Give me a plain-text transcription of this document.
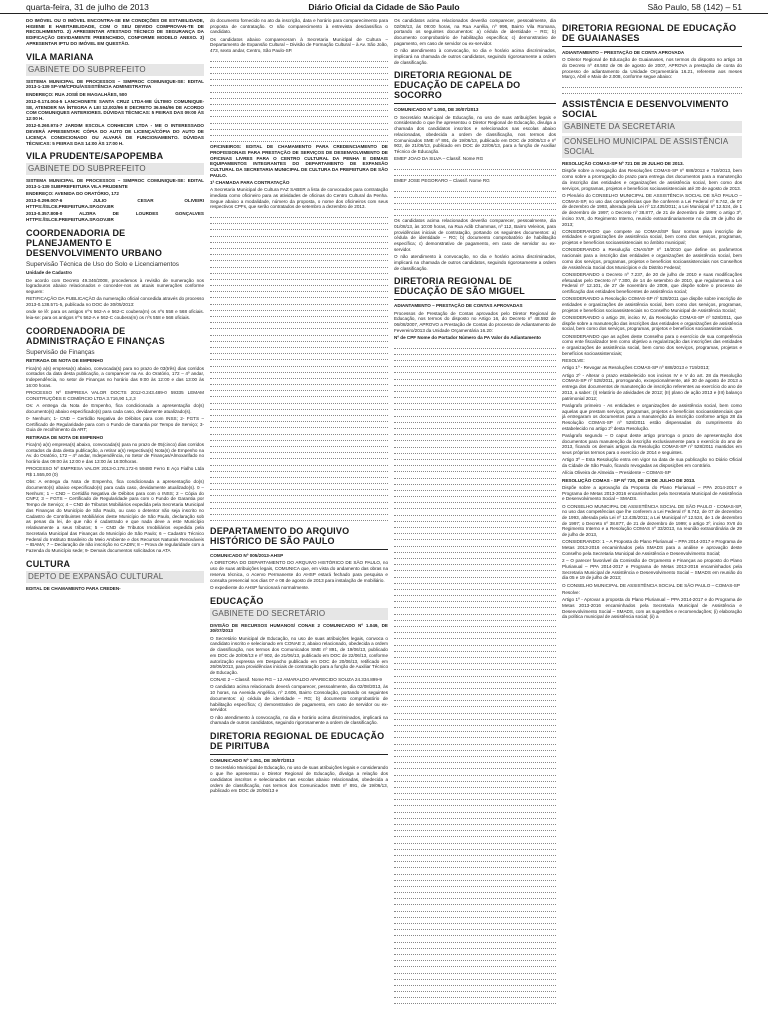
quarta-feira, 31 de julho de 2013	Diário Oficial da Cidade de São Paulo	São Paulo, 58 (142) – 51

DO IMÓVEL OU O IMÓVEL ENCONTRA-SE EM CONDIÇÕES DE ESTABILIDADE, HIGIENE E HABITABILIDADE, COM O SEU DEVIDO COMPROVAN-TE DE RECOLHIMENTO. 2) APRESENTAR ATESTADO TÉCNICO DE SEGURANÇA DA EDIFICAÇÃO DEVIDAMENTE PREENCHIDO, CONFORME MODELO ANEXO. 3) APRESENTAR IPTU DO IMÓVEL EM QUESTÃO.

VILA MARIANA
GABINETE DO SUBPREFEITO

SISTEMA MUNICIPAL DE PROCESSOS – SIMPROC COMUNIQUE-SE: EDITAL 2013-1-139 SP-VM/CPDU/ASSISTÊNCIA ADMINISTRATIVA

ENDEREÇO: RUA JOSÉ DE MAGALHÃES, 500

2012-0.174.004-5 LANCHONETE SANTA CRUZ LTDA-ME ÚLTIMO COMUNIQUE-SE, ATENDER NA ÍNTEGRA A LEI 12.002/96 E DECRETO 36.594/96 DE ACORDO COM COMUNIQUES ANTERIORES. DÚVIDAS TÉCNICAS: 5 FEIRAS DAS 09:00 ÀS 12:00 H.

2012-0.260.974-7 JARDIM ESCOLA CONHECER LTDA - ME O INTERESSADO DEVERÁ APRESENTAR: CÓPIA DO AUTO DE LICENÇA/CÓPIA DO AUTO DE LICENÇA CONDICIONADO OU ALVARÁ DE FUNCIONAMENTO. DÚVIDAS TÉCNICAS: 5 FEIRAS DAS 14:00 ÀS 17:00 H.

VILA PRUDENTE/SAPOPEMBA
GABINETE DO SUBPREFEITO

SISTEMA MUNICIPAL DE PROCESSOS – SIMPROC COMUNIQUE-SE: EDITAL 2013-1-139 SUBPREFEITURA VILA PRUDENTE

ENDEREÇO: AVENIDA DO ORATÓRIO, 172

2013-0.299.007-6 JULIO CESAR OLIVEIRI HTTPS://SLCE.PREFEITURA.SP.GOV.BR

2013-0.357.808-0 ALZIRA DE LOURDES GONÇALVES HTTPS://SLCE.PREFEITURA.SP.GOV.BR

COORDENADORIA DE PLANEJAMENTO E DESENVOLVIMENTO URBANO
Supervisão Técnica de Uso do Solo e Licenciamentos

Unidade de Cadastro

De acordo com Decreto 49.346/2008, procedemos à revisão de numeração nos logradouros abaixo relacionados e conceder-nos as atuais numerações conforme seguem:

RETIFICAÇÃO DA PUBLICAÇÃO da numeração oficial concedida através do processo 2013-0.138.571-5, publicada no DOC de 30/05/2013:

onde se lê: para os antigos nº's 562-A e 562-C coubera(m) os nºs 558 e 568 oficiais. leia-se: para os antigos nº's 562-A e 562-C coubera(m) os nºs 558 e 568 oficiais.

COORDENADORIA DE ADMINISTRAÇÃO E FINANÇAS
Supervisão de Finanças

RETIRADA DE NOTA DE EMPENHO

Fica(m) a(s) empresa(s) abaixo, convocada(s) para no prazo de 03(três) dias corridos contados da data desta publicação, a comparecer na Av. do Oratório, 172 – 4º andar, Independência, no setor de Finanças no horário das 9:00 às 12:00 e das 13:00 às 16:00 horas.

PROCESSO Nº EMPRESA VALOR DOCTS 2012-0.243.489-0 59335 LEMAM CONSTRUÇÕES E COMÉRCIO LTDA 3.716,90 1,2,3

Os: A entrega da Nota de Empenho, fica condicionada a apresentação do(s) documento(s) abaixo especificado(s) para cada caso, devidamente atualizado(s).

0- Nenhum; 1- CND – Certidão Negativa de Débitos para com INSS; 2- FGTS – Certificado de Regularidade para com o Fundo de Garantia por Tempo de Serviço; 3- Guia de recolhimento da ART;

RETIRADA DE NOTA DE EMPENHO

Fica(m) a(s) empresa(s) abaixo, convocada(s) para no prazo de 05(cinco) dias corridos contados da data desta publicação, a retirar a(s) respectiva(s) Nota(s) de Empenho na Av. do Oratório, 172 – 4º andar, Independência, no Setor de Finanças/Almoxarifado no horário das 09:00 às 12:00 e das 13:00 às 16:00horas.

PROCESSO Nº EMPRESA VALOR 2013-0.178.172-6 59480 Ferro E Aço Fialho Ltda R$ 1.555,00 (0)

Obs: A entrega da Nota de Empenho, fica condicionada a apresentação do(s) documento(s) abaixo especificado(s) para cada caso, devidamente atualizado(s). 0 – Nenhum; 1 – CND – Certidão Negativa de Débitos para com o INSS; 2 – Cópia do CNPJ; 3 – FGTS – Certificado de Regularidade para com o Fundo de Garantia por Tempo de Serviço; 4 – CND de Tributos Mobiliários expedida pela Secretaria Municipal das Finanças do Município de São Paulo, ou caso o detentor não seja inscrito no Cadastro de Contribuintes Mobiliários deste Município de São Paulo, declaração sob as penas da lei, de que não é cadastrado e que nada deve a este Município relativamente a seus tributos; 5 – CND de Tributos Imobiliários expedida pela Secretaria Municipal das Finanças do Município de São Paulo; 6 – Cadastro Técnico Federal do Instituto Brasileiro do Meio Ambiente e dos Recursos Naturais Renováveis – IBAMA; 7 – Declaração de não inscrição no CADIN; 8 – Prova de regularidade com a Fazenda do Município sede; 9- Demais documentos solicitados na ATA

CULTURA
DEPTO DE EXPANSÃO CULTURAL

EDITAL DE CHAMAMENTO PARA CREDEN-

do documento fornecido no ato da inscrição, data e horário para comparecimento para proposta de contratação. O não comparecimento à entrevista desclassifica o candidato.

Os candidatos abaixo compareceram à Secretaria Municipal de Cultura – Departamento de Expansão Cultural – Divisão de Formação Cultural – à Av. São João, 473, sexto andar, Centro, São Paulo-SP.

OFICINEIROS: EDITAL DE CHAMAMENTO PARA CREDENCIAMENTO DE PROFISSIONAIS PARA PRESTAÇÃO DE SERVIÇOS DE DESENVOLVIMENTO DE OFICINAS LIVRES PARA O CENTRO CULTURAL DA PENHA E DEMAIS EQUIPAMENTOS INTEGRANTES DO DEPARTAMENTO DE EXPANSÃO CULTURAL DA SECRETARIA MUNICIPAL DE CULTURA DA PREFEITURA DE SÃO PAULO.

1ª CHAMADA PARA CONTRATAÇÃO

A Secretaria Municipal de Cultura FAZ SABER a lista de convocados para contratação imediata como oficineiro para as atividades de oficinas do Centro Cultural da Penha. Segue abaixo a modalidade, número da proposta, o nome dos oficineiros com seus respectivos CPFs, que serão contratados de setembro a dezembro de 2013.

DEPARTAMENTO DO ARQUIVO HISTÓRICO DE SÃO PAULO

COMUNICADO Nº 005/2013-AHSP

A DIRETORA DO DEPARTAMENTO DO ARQUIVO HISTÓRICO DE SÃO PAULO, no uso de suas atribuições legais, COMUNICA que, em vista do andamento das obras na reserva técnica, o Acervo Permanente do AHSP estará fechado para pesquisa e consulta presencial nos dias 07 e 08 de agosto de 2013 para instalação de mobiliário.

O expediente do AHSP funcionará normalmente.

EDUCAÇÃO
GABINETE DO SECRETÁRIO

DIVISÃO DE RECURSOS HUMANOS/ CONAE 2 COMUNICADO Nº 1.049, DE 30/07/2013

O Secretário Municipal de Educação, no uso de suas atribuições legais, convoca o candidato inscrito e selecionado em CONAE 2, abaixo relacionado, obedecida a ordem de classificação, nos termos dos Comunicados SME nº 891, de 19/06/13, publicado em DOC de 20/06/13 e nº 902, de 21/06/13, publicado em DOC de 22/06/13, conforme autorização expressa em Despacho publicado em DOC de 20/06/13, retificado em 26/06/2013, para providências iniciais de contratação para a função de Auxiliar Técnico de Educação.

CONAE 2 – Classif. Nome RG – 12 AMARALDO APARECIDO SOUZA 24.334.899-9

O candidato acima relacionado deverá comparecer, pessoalmente, dia 02/08/2013, às 10 horas, na Avenida Angélica, nº 2.606, Bairro Consolação, portando os seguintes documentos: a) cédula de identidade – RG; b) documento comprobatório de habilitação específica; c) demonstrativo de pagamento, em caso de servidor ou ex-servidor.

O não atendimento à convocação, no dia e horário acima discriminados, implicará na chamada de outros candidatos, seguindo rigorosamente a ordem de classificação.

DIRETORIA REGIONAL DE EDUCAÇÃO DE PIRITUBA

COMUNICADO Nº 1.051, DE 30/07/2013

O Secretário Municipal de Educação, no uso de suas atribuições legais e considerando o que lhe apresentou o Diretor Regional de Educação, divulga a relação dos candidatos inscritos e selecionados nas escolas abaixo relacionadas, obedecida a ordem de classificação, nos termos dos Comunicados SME nº 891, de 19/06/13, publicado em DOC de 20/06/13 e

Os candidatos acima relacionados deverão comparecer, pessoalmente, dia 02/08/13, às 09:00 horas, na Rua Aurélia, nº 996, Bairro Vila Romana, portando os seguintes documentos: a) cédula de identidade – RG; b) documento comprobatório de habilitação específica; c) demonstrativo de pagamento, em caso de servidor ou ex-servidor.

O não atendimento à convocação, no dia e horário acima discriminados, implicará na chamada de outros candidatos, seguindo rigorosamente a ordem de classificação.

DIRETORIA REGIONAL DE EDUCAÇÃO DE CAPELA DO SOCORRO

COMUNICADO Nº 1.050, DE 30/07/2013

O Secretário Municipal de Educação, no uso de suas atribuições legais e considerando o que lhe apresentou o Diretor Regional de Educação, divulga a chamada dos candidatos inscritos e selecionados nas escolas abaixo relacionadas, obedecida a ordem de classificação, nos termos dos Comunicados SME nº 891, de 19/06/13, publicado em DOC de 20/06/13 e nº 902, de 21/06/13, publicado em DOC de 22/06/13, para a função de Auxiliar Técnico de Educação.

EMEF JOAO DA SILVA – Classif. Nome RG

EMEF JOSE PEGORARO – Classif. Nome RG

Os candidatos acima relacionados deverão comparecer, pessoalmente, dia 01/08/13, às 10:00 horas, na Rua Adib Chammas, nº 112, Bairro Veleiros, para providências iniciais de contratação, portando os seguintes documentos: a) cédula de identidade – RG; b) documento comprobatório de habilitação específica; c) demonstrativo de pagamento, em caso de servidor ou ex-servidor.

O não atendimento à convocação, no dia e horário acima discriminados, implicará na chamada de outros candidatos, seguindo rigorosamente a ordem de classificação.

DIRETORIA REGIONAL DE EDUCAÇÃO DE SÃO MIGUEL

ADIANTAMENTO – PRESTAÇÃO DE CONTAS APROVADAS

Processos de Prestação de Contas aprovados pelo Diretor Regional de Educação, nos termos do disposto no Artigo 16, do Decreto nº 48.592 de 06/08/2007, APROVO a Prestação de Contas do processo de Adiantamento de Fevereiro/2013 da Unidade Orçamentária 16.20:

Nº de CPF Nome do Portador Número da PA Valor do Adiantamento

DIRETORIA REGIONAL DE EDUCAÇÃO DE GUAIANASES

ADIANTAMENTO – PRESTAÇÃO DE CONTA APROVADA

O Diretor Regional de Educação de Guaianases, nos termos do disposto no artigo 16 do Decreto nº 48.592 de 06 de agosto de 2007, APROVA a prestação de conta do processo de adiantamento da Unidade Orçamentária 16.21, referente aos meses Março, Abril e Maio de 2.008, conforme segue abaixo:

ASSISTÊNCIA E DESENVOLVIMENTO SOCIAL
GABINETE DA SECRETÁRIA
CONSELHO MUNICIPAL DE ASSISTÊNCIA SOCIAL

RESOLUÇÃO COMAS-SP Nº 721 DE 29 JULHO DE 2013.

Dispõe sobre a revogação das Resoluções COMAS-SP nº 688/2013 e 719/2013, bem como sobre a prorrogação do prazo para entrega dos documentos para a manutenção da inscrição das entidades e organizações de assistência social, bem como dos serviços, programas, projetos e benefícios socioassistenciais até 30 de agosto de 2013.

O Plenário do CONSELHO MUNICIPAL DE ASSISTÊNCIA SOCIAL DE SÃO PAULO – COMAS-SP, no uso das competências que lhe conferem a Lei Federal nº 8.742, de 07 de dezembro de 1993, alterada pela Lei nº 12.435/2011; a Lei Municipal nº 12.524, de 1 de dezembro de 1997; o Decreto nº 38.877, de 21 de dezembro de 1999; o artigo 3º, inciso XVII, do Regimento Interno, reunido extraordinariamente no dia 29 de julho de 2013;

CONSIDERANDO que compete ao COMAS/SP fixar normas para inscrição de entidades e organizações de assistência social, bem como dos serviços, programas, projetos e benefícios socioassistenciais no âmbito municipal;

CONSIDERANDO a Resolução CNAS/SP nº 16/2010 que define os parâmetros nacionais para a inscrição das entidades e organizações de assistência social, bem como dos serviços, programas, projetos e benefícios socioassistenciais nos Conselhos de Assistência Social dos Municípios e do Distrito Federal;

CONSIDERANDO o Decreto nº 7.237, de 20 de julho de 2010 e suas modificações efetuadas pelo Decreto nº 7.300, de 14 de setembro de 2010, que regulamenta a Lei Federal nº 12.101, de 27 de novembro de 2009, que dispõe sobre o processo de certificação das entidades beneficentes de assistência social;

CONSIDERANDO a Resolução COMAS-SP nº 528/2011 que dispõe sobre inscrição de entidades e organizações de assistência social, bem como dos serviços, programas, projetos e benefícios socioassistenciais no Conselho Municipal de Assistência Social;

CONSIDERANDO o artigo 28, inciso IV, da Resolução COMAS-SP nº 528/2011, que dispõe sobre a manutenção das inscrições das entidades e organizações de assistência social, bem como dos serviços, programas, projetos e benefícios socioassistenciais.

CONSIDERANDO que as ações deste Conselho para o exercício de sua competência como ente fiscalizador tem como objetivo a regularização das inscrições das entidades e organizações de assistência social, bem como dos serviços, programas, projetos e benefícios socioassistenciais;

RESOLVE:

Artigo 1º - Revogar as Resoluções COMAS-SP nº 688/2013 e 719/2013;

Artigo 2º - Alterar o prazo estabelecido nos incisos IV e V do art. 28 da Resolução COMAS-SP nº 528/2011, prorrogando, excepcionalmente, até 30 de agosto de 2013 a entrega dos documentos de manutenção de inscrição referentes ao exercício do ano de 2013, a saber: (I) relatório de atividades de 2012; (II) plano de ação 2013 e (III) balanço patrimonial 2012;

Parágrafo primeiro - As entidades e organizações de assistência social, bem como aquelas que prestam serviços, programas, projetos e benefícios socioassistenciais que já entregaram os documentos para a manutenção da inscrição conforme artigo 28 da Resolução COMAS-SP nº 528/2011 estão dispensadas do cumprimento do estabelecido no artigo 2º desta Resolução.

Parágrafo segundo – O caput deste artigo prorroga o prazo de apresentação dos documentos para manutenção da inscrição exclusivamente para o exercício do ano de 2013, ficando os demais artigos da Resolução COMAS-SP nº 528/2011 mantidos em seus próprios termos para o exercício de 2014 e seguintes.

Artigo 3º – Esta Resolução entra em vigor na data de sua publicação no Diário Oficial da Cidade de São Paulo, ficando revogadas as disposições em contrário.

Alícia Oliveira de Almeida – Presidente – COMAS-SP

RESOLUÇÃO COMAS - SP Nº 720, DE 29 DE JULHO DE 2013.

Dispõe sobre a aprovação da Proposta do Plano Plurianual – PPA 2014-2017 e Programa de Metas 2013-2016 encaminhados pela Secretaria Municipal de Assistência e Desenvolvimento Social – SMADS.

O CONSELHO MUNICIPAL DE ASSISTÊNCIA SOCIAL DE SÃO PAULO - COMAS-SP, no uso das competências que lhe conferem a Lei Federal nº 8.742, de 07 de dezembro de 1993, alterada pela Lei nº 12.435/2011; a Lei Municipal nº 12.524, de 1 de dezembro de 1997; o Decreto nº 38.877, de 21 de dezembro de 1999; o artigo 3º, inciso XVII do Regimento Interno e a Resolução COMAS nº 33/2013, na reunião extraordinária de 29 de julho de 2013,

CONSIDERANDO: 1 – A Proposta do Plano Plurianual – PPA 2014-2017 e Programa de Metas 2013-2016 encaminhados pela SMADS para a análise e aprovação deste Conselho pela Secretaria Municipal de Assistência e Desenvolvimento Social;

2 – O parecer favorável da Comissão de Orçamento e Finanças ao proposto do Plano Plurianual – PPA 2014-2017 e Programa de Metas 2013-2016 encaminhados pela Secretaria Municipal de Assistência e Desenvolvimento Social – SMADS em reunião do dia 05 e 19 de julho de 2013;

O CONSELHO MUNICIPAL DE ASSISTÊNCIA SOCIAL DE SÃO PAULO – COMAS-SP

Resolve:

Artigo 1º - Aprovar a proposta do Plano Plurianual – PPA 2014-2017 e do Programa de Metas 2013-2016 encaminhados pela Secretaria Municipal de Assistência e Desenvolvimento Social – SMADS, com as sugestões e recomendações; (i) elaboração da política municipal de assistência social; (ii) a
